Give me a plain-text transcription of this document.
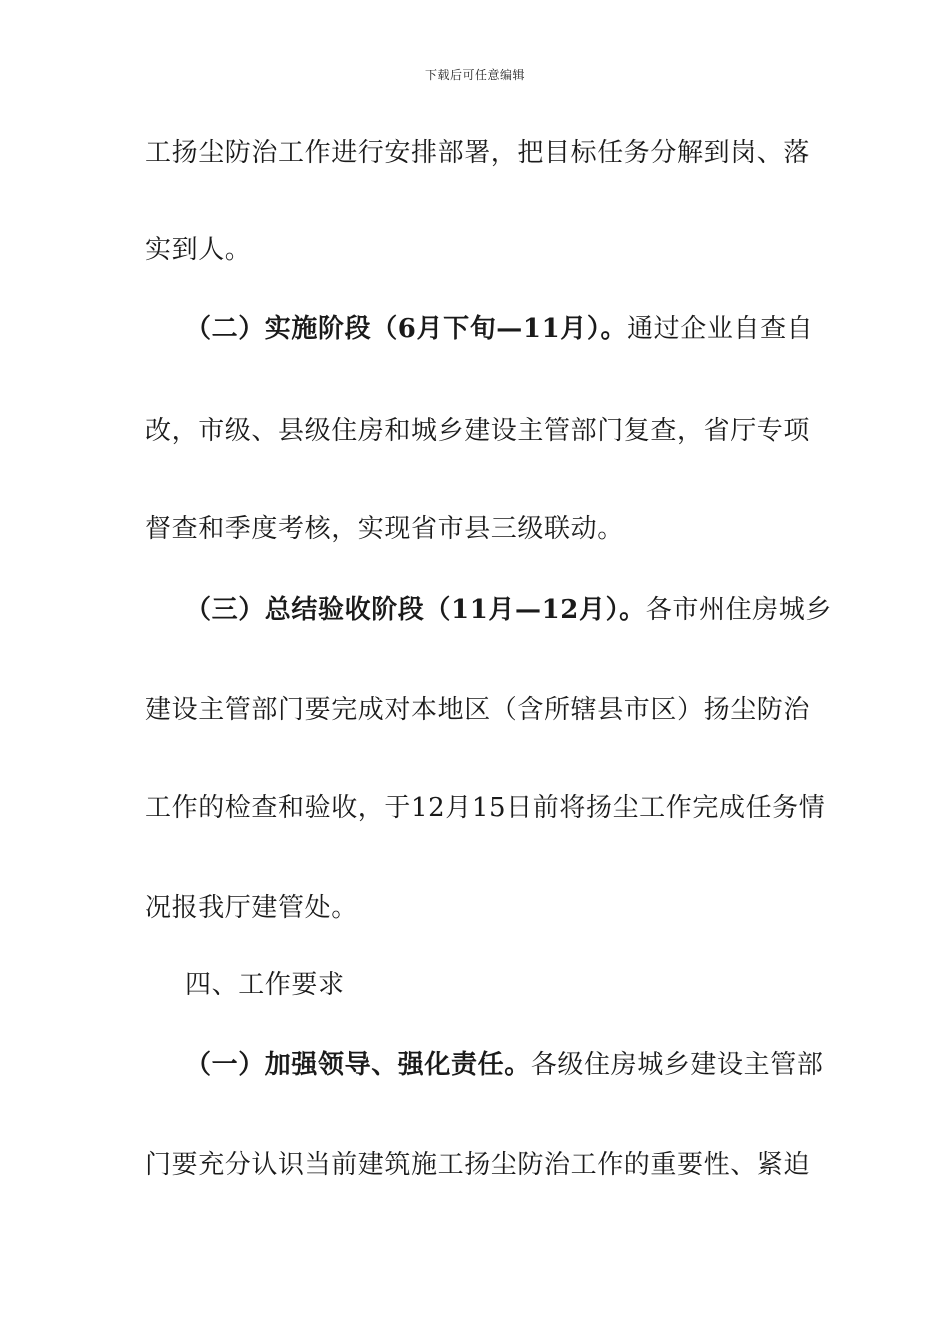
下载后可任意编辑
工扬尘防治工作进行安排部署，把目标任务分解到岗、落
实到人。
（二）实施阶段（6月下旬—11月）。通过企业自查自
改，市级、县级住房和城乡建设主管部门复查，省厅专项
督查和季度考核，实现省市县三级联动。
（三）总结验收阶段（11月—12月）。各市州住房城乡
建设主管部门要完成对本地区（含所辖县市区）扬尘防治
工作的检查和验收，于12月15日前将扬尘工作完成任务情
况报我厅建管处。
四、工作要求
（一）加强领导、强化责任。各级住房城乡建设主管部
门要充分认识当前建筑施工扬尘防治工作的重要性、紧迫
